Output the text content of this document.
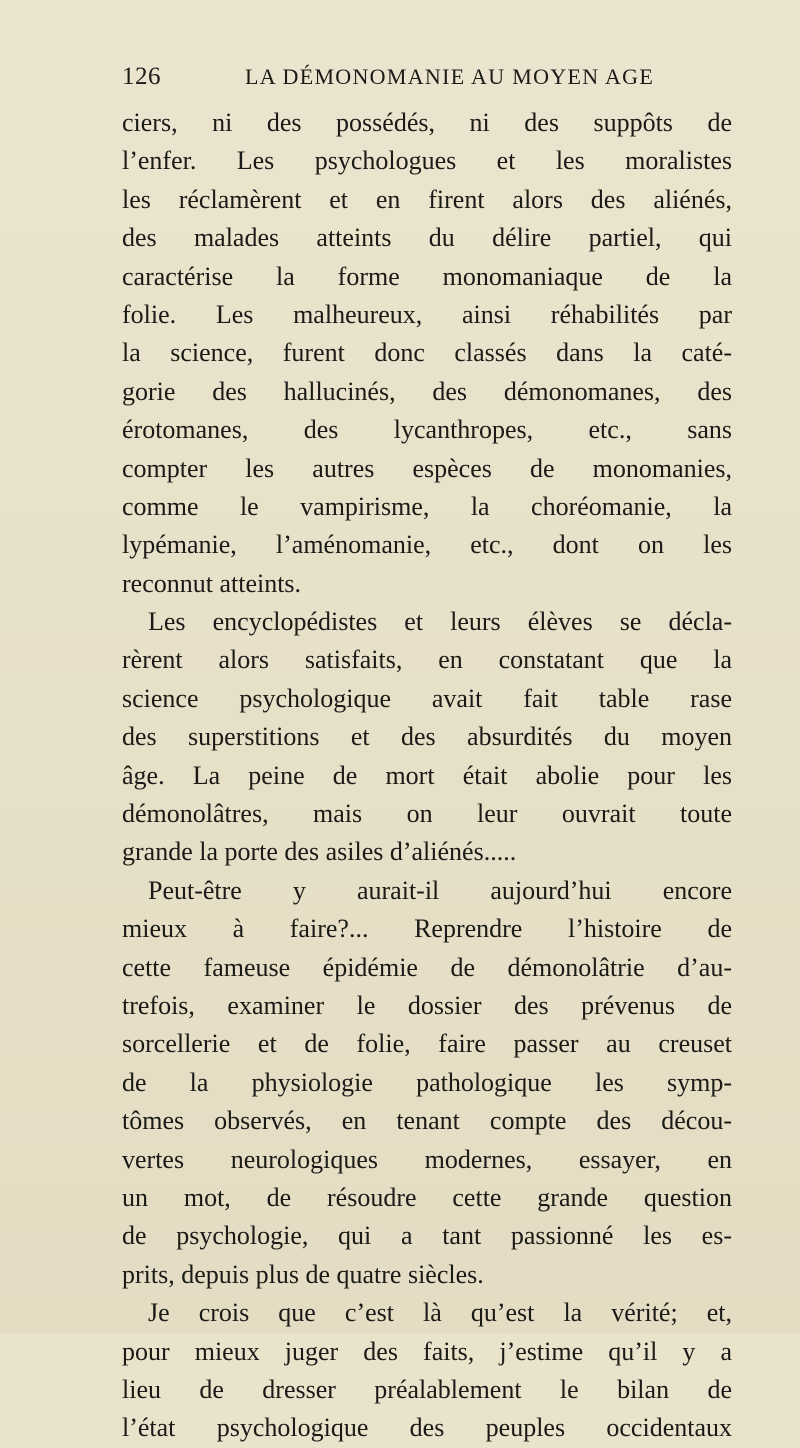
126	LA DÉMONOMANIE AU MOYEN AGE
ciers, ni des possédés, ni des suppôts de
l’enfer. Les psychologues et les moralistes
les réclamèrent et en firent alors des aliénés,
des malades atteints du délire partiel, qui
caractérise la forme monomaniaque de la
folie. Les malheureux, ainsi réhabilités par
la science, furent donc classés dans la caté-
gorie des hallucinés, des démonomanes, des
érotomanes, des lycanthropes, etc., sans
compter les autres espèces de monomanies,
comme le vampirisme, la choréomanie, la
lypémanie, l’aménomanie, etc., dont on les
reconnut atteints.
Les encyclopédistes et leurs élèves se décla-
rèrent alors satisfaits, en constatant que la
science psychologique avait fait table rase
des superstitions et des absurdités du moyen
âge. La peine de mort était abolie pour les
démonolâtres, mais on leur ouvrait toute
grande la porte des asiles d’aliénés.....
Peut-être y aurait-il aujourd’hui encore
mieux à faire?... Reprendre l’histoire de
cette fameuse épidémie de démonolâtrie d’au-
trefois, examiner le dossier des prévenus de
sorcellerie et de folie, faire passer au creuset
de la physiologie pathologique les symp-
tômes observés, en tenant compte des décou-
vertes neurologiques modernes, essayer, en
un mot, de résoudre cette grande question
de psychologie, qui a tant passionné les es-
prits, depuis plus de quatre siècles.
Je crois que c’est là qu’est la vérité; et,
pour mieux juger des faits, j’estime qu’il y a
lieu de dresser préalablement le bilan de
l’état psychologique des peuples occidentaux
